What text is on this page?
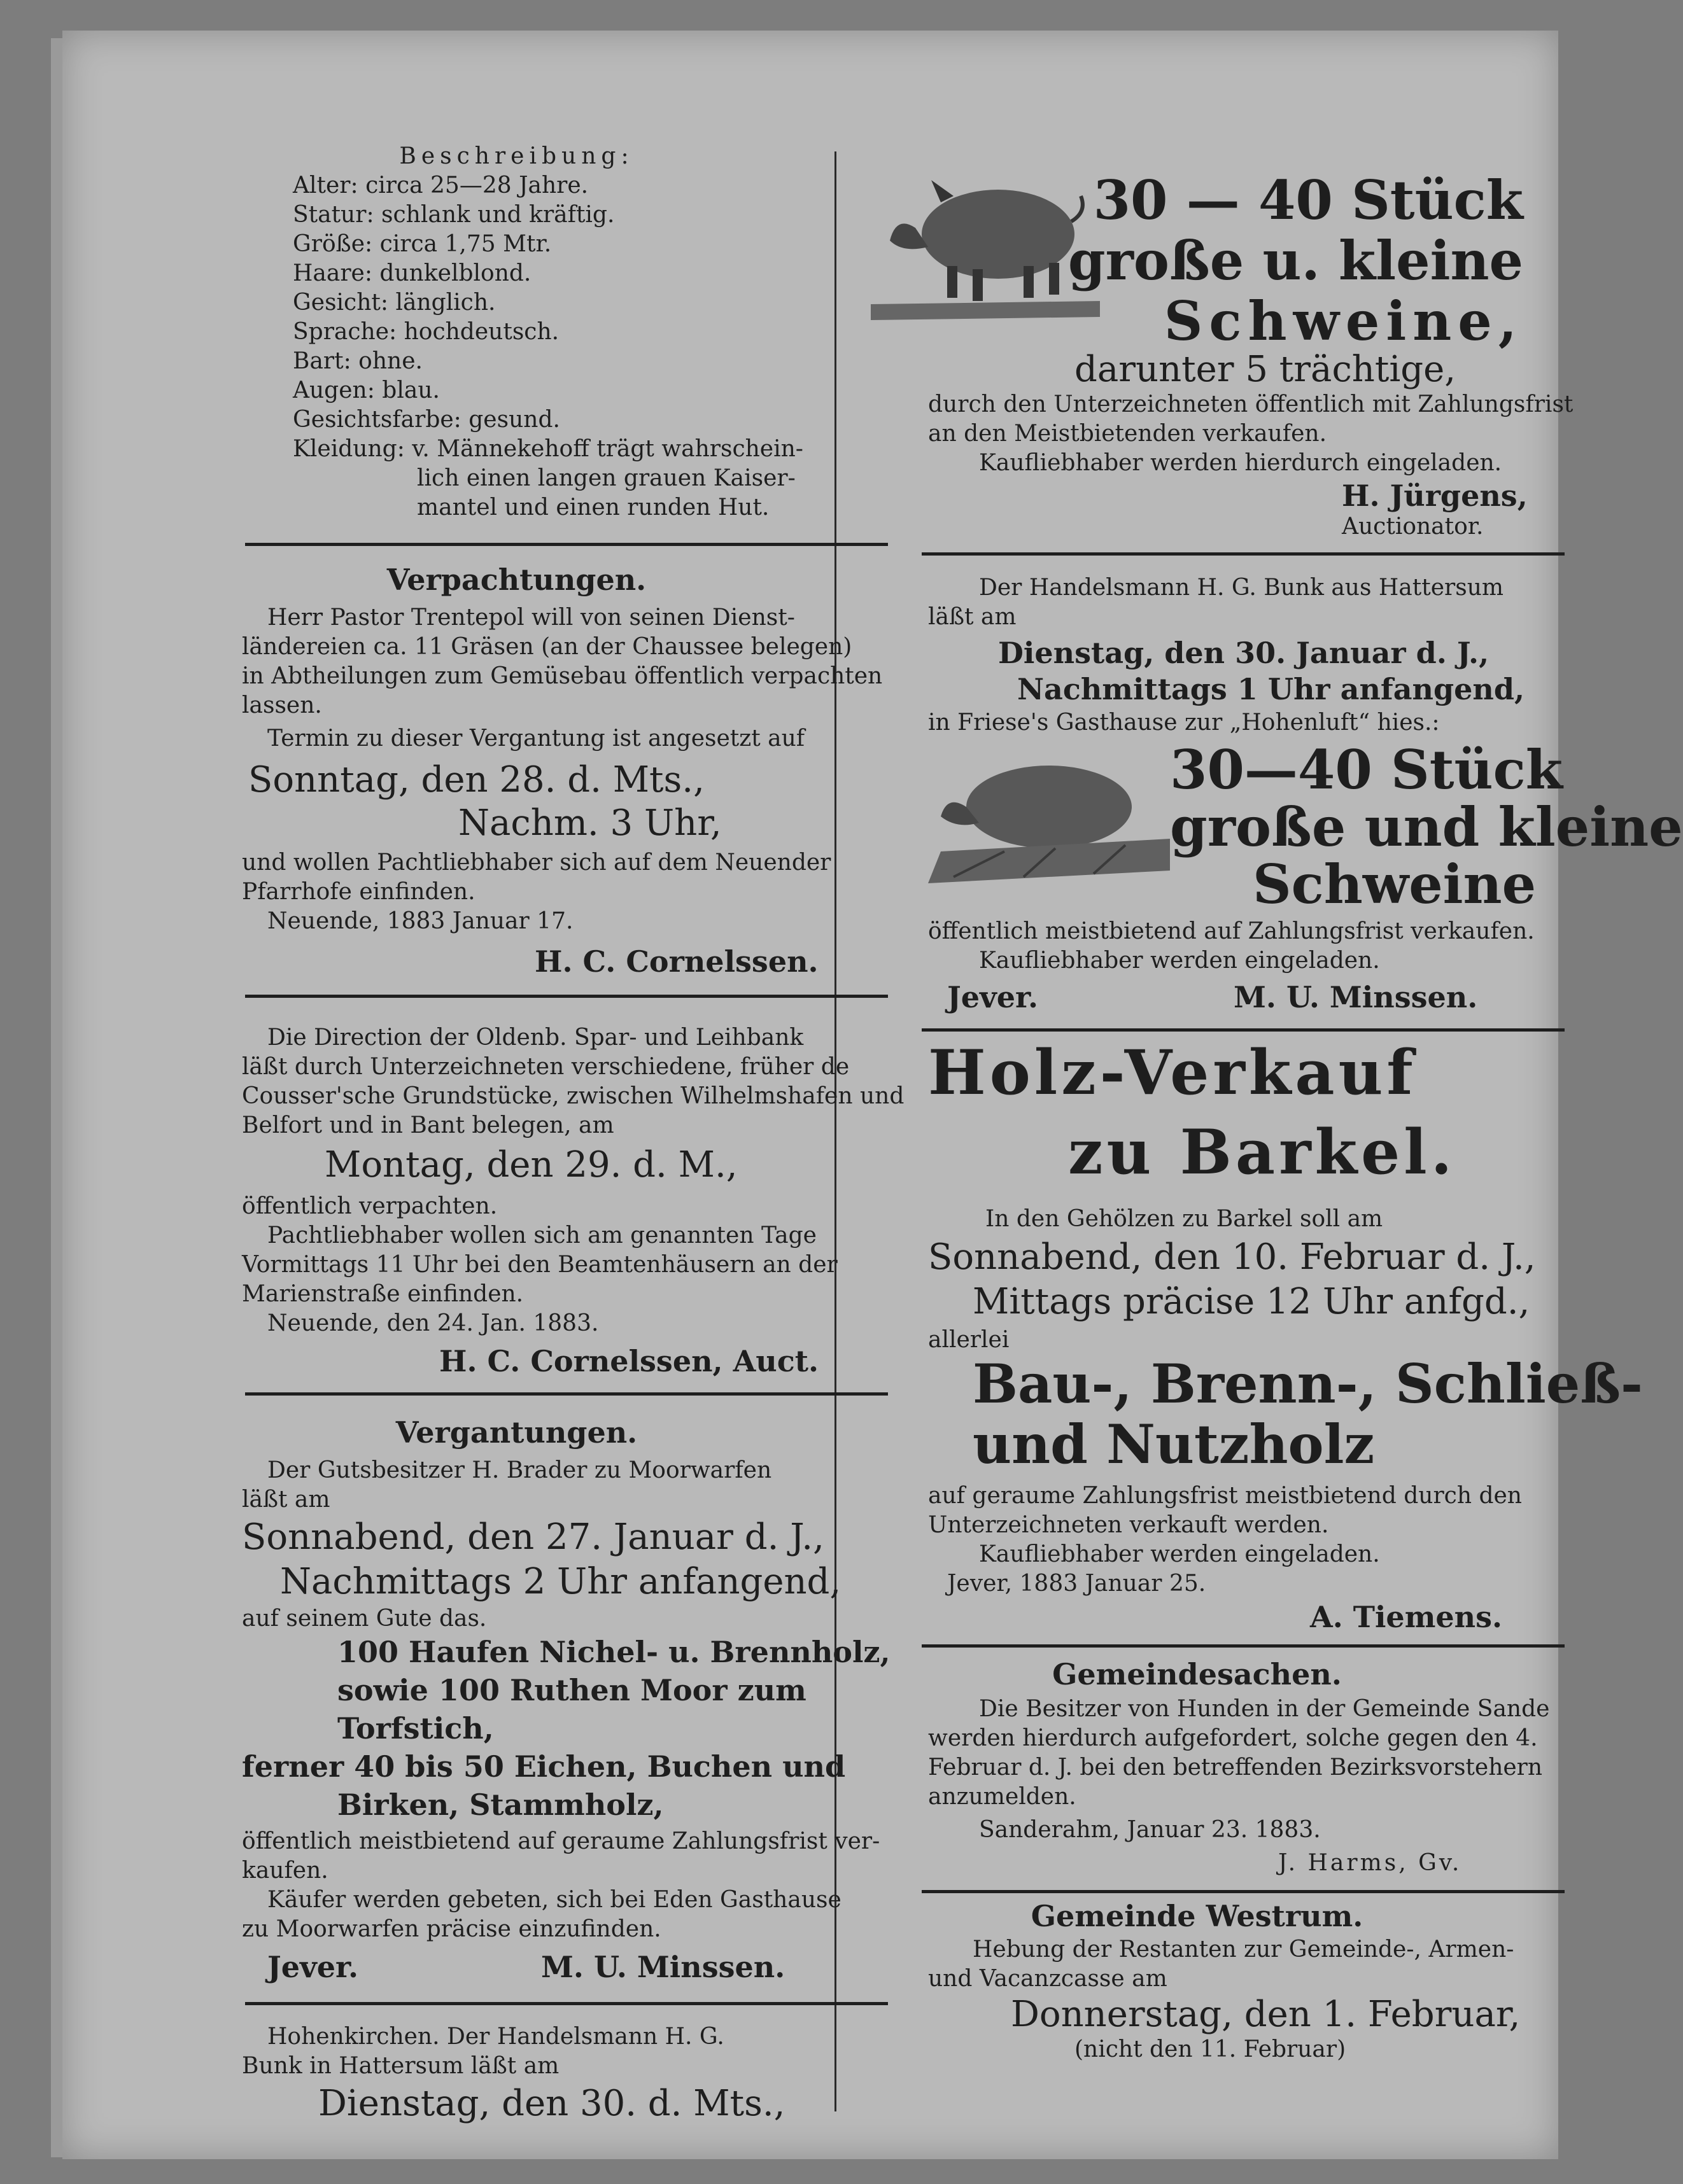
Beschreibung:
Alter: circa 25—28 Jahre.
Statur: schlank und kräftig.
Größe: circa 1,75 Mtr.
Haare: dunkelblond.
Gesicht: länglich.
Sprache: hochdeutsch.
Bart: ohne.
Augen: blau.
Gesichtsfarbe: gesund.
Kleidung: v. Männekehoff trägt wahrschein-
lich einen langen grauen Kaiser-
mantel und einen runden Hut.
Verpachtungen.
Herr Pastor Trentepol will von seinen Dienst-
ländereien ca. 11 Gräsen (an der Chaussee belegen)
in Abtheilungen zum Gemüsebau öffentlich verpachten
lassen.
Termin zu dieser Vergantung ist angesetzt auf
Sonntag, den 28. d. Mts.,
Nachm. 3 Uhr,
und wollen Pachtliebhaber sich auf dem Neuender
Pfarrhofe einfinden.
Neuende, 1883 Januar 17.
H. C. Cornelssen.
Die Direction der Oldenb. Spar- und Leihbank
läßt durch Unterzeichneten verschiedene, früher de
Cousser'sche Grundstücke, zwischen Wilhelmshafen und
Belfort und in Bant belegen, am
Montag, den 29. d. M.,
öffentlich verpachten.
Pachtliebhaber wollen sich am genannten Tage
Vormittags 11 Uhr bei den Beamtenhäusern an der
Marienstraße einfinden.
Neuende, den 24. Jan. 1883.
H. C. Cornelssen, Auct.
Vergantungen.
Der Gutsbesitzer H. Brader zu Moorwarfen
läßt am
Sonnabend, den 27. Januar d. J.,
Nachmittags 2 Uhr anfangend,
auf seinem Gute das.
100 Haufen Nichel- u. Brennholz,
sowie 100 Ruthen Moor zum
Torfstich,
ferner 40 bis 50 Eichen, Buchen und
Birken, Stammholz,
öffentlich meistbietend auf geraume Zahlungsfrist ver-
kaufen.
Käufer werden gebeten, sich bei Eden Gasthause
zu Moorwarfen präcise einzufinden.
Jever.	M. U. Minssen.
Hohenkirchen. Der Handelsmann H. G.
Bunk in Hattersum läßt am
Dienstag, den 30. d. Mts.,
30 — 40 Stück
große u. kleine
Schweine,
darunter 5 trächtige,
durch den Unterzeichneten öffentlich mit Zahlungsfrist
an den Meistbietenden verkaufen.
Kaufliebhaber werden hierdurch eingeladen.
H. Jürgens,
Auctionator.
Der Handelsmann H. G. Bunk aus Hattersum
läßt am
Dienstag, den 30. Januar d. J.,
Nachmittags 1 Uhr anfangend,
in Friese's Gasthause zur „Hohenluft“ hies.:
30—40 Stück
große und kleine
Schweine
öffentlich meistbietend auf Zahlungsfrist verkaufen.
Kaufliebhaber werden eingeladen.
Jever.	M. U. Minssen.
Holz-Verkauf
zu Barkel.
In den Gehölzen zu Barkel soll am
Sonnabend, den 10. Februar d. J.,
Mittags präcise 12 Uhr anfgd.,
allerlei
Bau-, Brenn-, Schließ-
und Nutzholz
auf geraume Zahlungsfrist meistbietend durch den
Unterzeichneten verkauft werden.
Kaufliebhaber werden eingeladen.
Jever, 1883 Januar 25.
A. Tiemens.
Gemeindesachen.
Die Besitzer von Hunden in der Gemeinde Sande
werden hierdurch aufgefordert, solche gegen den 4.
Februar d. J. bei den betreffenden Bezirksvorstehern
anzumelden.
Sanderahm, Januar 23. 1883.
J. Harms, Gv.
Gemeinde Westrum.
Hebung der Restanten zur Gemeinde-, Armen-
und Vacanzcasse am
Donnerstag, den 1. Februar,
(nicht den 11. Februar)
